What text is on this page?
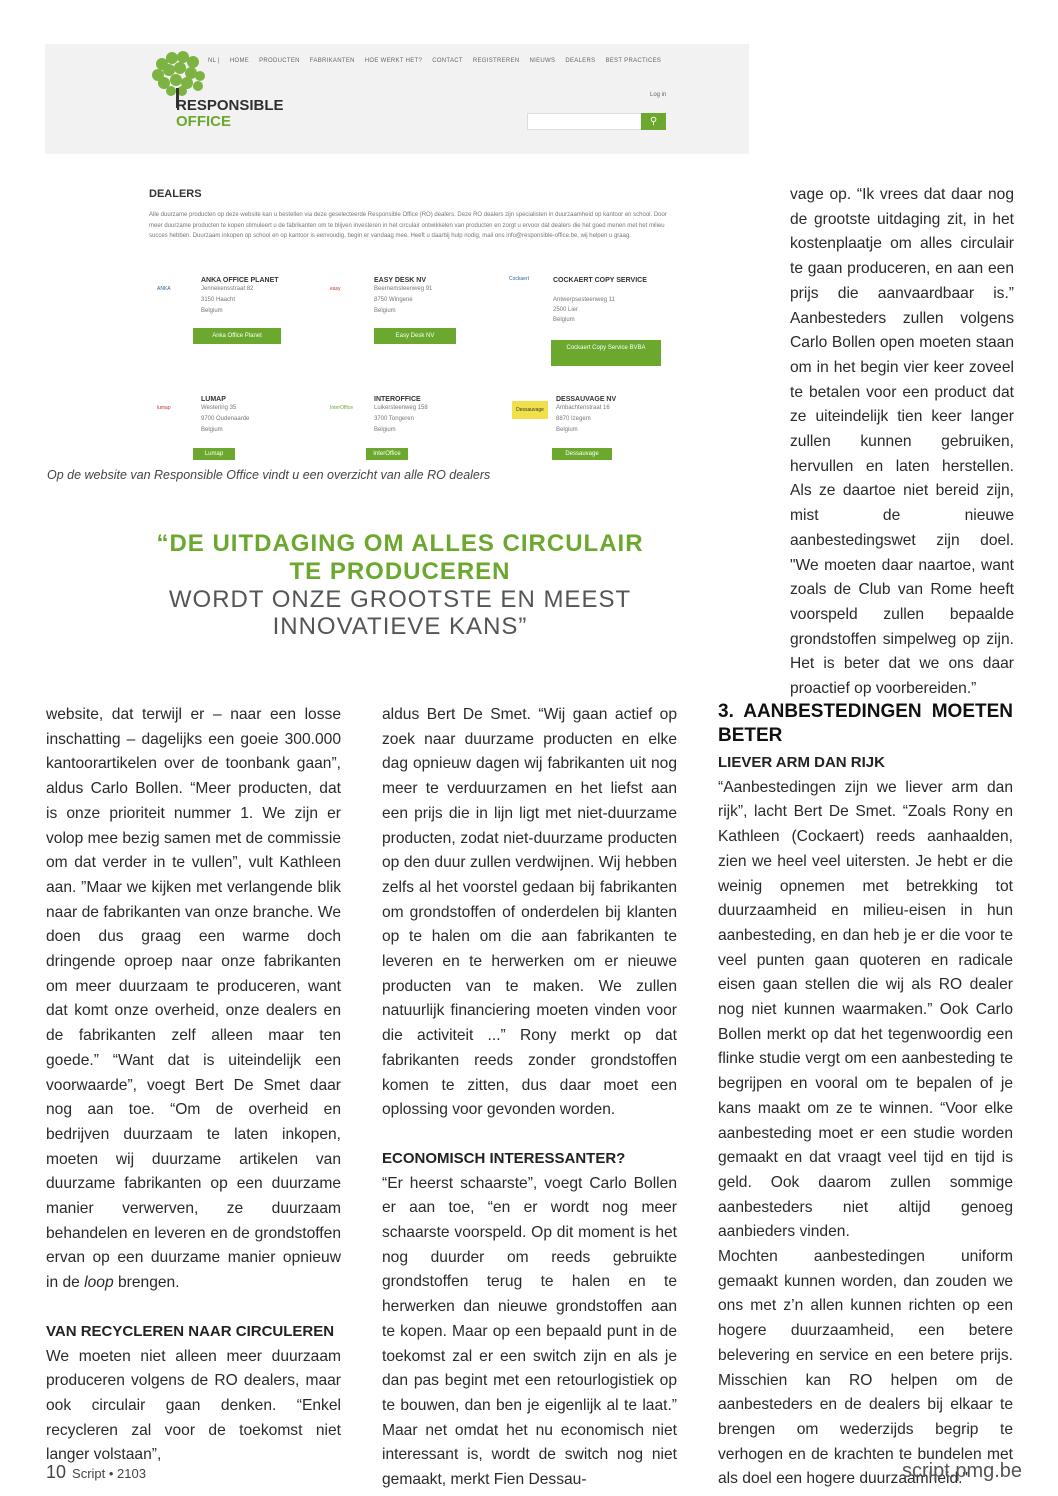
RESPONSIBLE
OFFICE
NL | HOME PRODUCTEN FABRIKANTEN HOE WERKT HET? CONTACT REGISTREREN NIEUWS DEALERS BEST PRACTICES
Log in
⚲
DEALERS
Alle duurzame producten op deze website kan u bestellen via deze geselecteerde Responsible Office (RO) dealers. Deze RO dealers zijn specialisten in duurzaamheid op kantoor en school. Door meer duurzame producten te kopen stimuleert u de fabrikanten om te blijven investeren in het circulair ontwikkelen van producten en zorgt u ervoor dat dealers die het goed menen met het milieu succes hebben. Duurzaam inkopen op school en op kantoor is eenvoudig, begin er vandaag mee. Heeft u daarbij hulp nodig, mail ons info@responsible-office.be, wij helpen u graag.
ANKA
ANKA OFFICE PLANET
Jennekensstraat 82
3150 Haacht
Belgium
Anka Office Planet
easy
EASY DESK NV
Beernemsteenweg 91
8750 Wingene
Belgium
Easy Desk NV
Cockaert	COCKAERT COPY SERVICE
Antwerpsesteenweg 11
2500 Lier
Belgium
Cockaert Copy Service BVBA
lumap
LUMAP
Westering 35
9700 Oudenaarde
Belgium
Lumap
InterOffice
INTEROFFICE
Luikersteenweg 158
3700 Tongeren
Belgium
InterOffice
Dessauvage
DESSAUVAGE NV
Ambachtenstraat 16
8870 Izegem
Belgium
Dessauvage
Op de website van Responsible Office vindt u een overzicht van alle RO dealers
“DE UITDAGING OM ALLES CIRCULAIR
TE PRODUCEREN
WORDT ONZE GROOTSTE EN MEEST
INNOVATIEVE KANS”

vage op. “Ik vrees dat daar nog de grootste uitdaging zit, in het kostenplaatje om alles circulair te gaan produceren, en aan een prijs die aanvaardbaar is.” Aanbesteders zullen volgens Carlo Bollen open moeten staan om in het begin vier keer zoveel te betalen voor een product dat ze uiteindelijk tien keer langer zullen kunnen gebruiken, hervullen en laten herstellen. Als ze daartoe niet bereid zijn, mist de nieuwe aanbestedingswet zijn doel. "We moeten daar naartoe, want zoals de Club van Rome heeft voorspeld zullen bepaalde grondstoffen simpelweg op zijn. Het is beter dat we ons daar proactief op voorbereiden.”

website, dat terwijl er – naar een losse inschatting – dagelijks een goeie 300.000 kantoorartikelen over de toonbank gaan”, aldus Carlo Bollen. “Meer producten, dat is onze prioriteit nummer 1. We zijn er volop mee bezig samen met de commissie om dat verder in te vullen”, vult Kathleen aan. ”Maar we kijken met verlangende blik naar de fabrikanten van onze branche. We doen dus graag een warme doch dringende oproep naar onze fabrikanten om meer duurzaam te produceren, want dat komt onze overheid, onze dealers en de fabrikanten zelf alleen maar ten goede.” “Want dat is uiteindelijk een voorwaarde”, voegt Bert De Smet daar nog aan toe. “Om de overheid en bedrijven duurzaam te laten inkopen, moeten wij duurzame artikelen van duurzame fabrikanten op een duurzame manier verwerven, ze duurzaam behandelen en leveren en de grondstoffen ervan op een duurzame manier opnieuw in de loop brengen.

VAN RECYCLEREN NAAR CIRCULEREN

We moeten niet alleen meer duurzaam produceren volgens de RO dealers, maar ook circulair gaan denken. “Enkel recycleren zal voor de toekomst niet langer volstaan”,

aldus Bert De Smet. “Wij gaan actief op zoek naar duurzame producten en elke dag opnieuw dagen wij fabrikanten uit nog meer te verduurzamen en het liefst aan een prijs die in lijn ligt met niet-duurzame producten, zodat niet-duurzame producten op den duur zullen verdwijnen. Wij hebben zelfs al het voorstel gedaan bij fabrikanten om grondstoffen of onderdelen bij klanten op te halen om die aan fabrikanten te leveren en te herwerken om er nieuwe producten van te maken. We zullen natuurlijk financiering moeten vinden voor die activiteit ...” Rony merkt op dat fabrikanten reeds zonder grondstoffen komen te zitten, dus daar moet een oplossing voor gevonden worden.

ECONOMISCH INTERESSANTER?

“Er heerst schaarste”, voegt Carlo Bollen er aan toe, “en er wordt nog meer schaarste voorspeld. Op dit moment is het nog duurder om reeds gebruikte grondstoffen terug te halen en te herwerken dan nieuwe grondstoffen aan te kopen. Maar op een bepaald punt in de toekomst zal er een switch zijn en als je dan pas begint met een retourlogistiek op te bouwen, dan ben je eigenlijk al te laat.” Maar net omdat het nu economisch niet interessant is, wordt de switch nog niet gemaakt, merkt Fien Dessau-

3. AANBESTEDINGEN MOETEN BETER
LIEVER ARM DAN RIJK

“Aanbestedingen zijn we liever arm dan rijk”, lacht Bert De Smet. “Zoals Rony en Kathleen (Cockaert) reeds aanhaalden, zien we heel veel uitersten. Je hebt er die weinig opnemen met betrekking tot duurzaamheid en milieu-eisen in hun aanbesteding, en dan heb je er die voor te veel punten gaan quoteren en radicale eisen gaan stellen die wij als RO dealer nog niet kunnen waarmaken.” Ook Carlo Bollen merkt op dat het tegenwoordig een flinke studie vergt om een aanbesteding te begrijpen en vooral om te bepalen of je kans maakt om ze te winnen. “Voor elke aanbesteding moet er een studie worden gemaakt en dat vraagt veel tijd en tijd is geld. Ook daarom zullen sommige aanbesteders niet altijd genoeg aanbieders vinden.

Mochten aanbestedingen uniform gemaakt kunnen worden, dan zouden we ons met z’n allen kunnen richten op een hogere duurzaamheid, een betere belevering en service en een betere prijs. Misschien kan RO helpen om de aanbesteders en de dealers bij elkaar te brengen om wederzijds begrip te verhogen en de krachten te bundelen met als doel een hogere duurzaamheid."

10 Script • 2103	script.pmg.be
